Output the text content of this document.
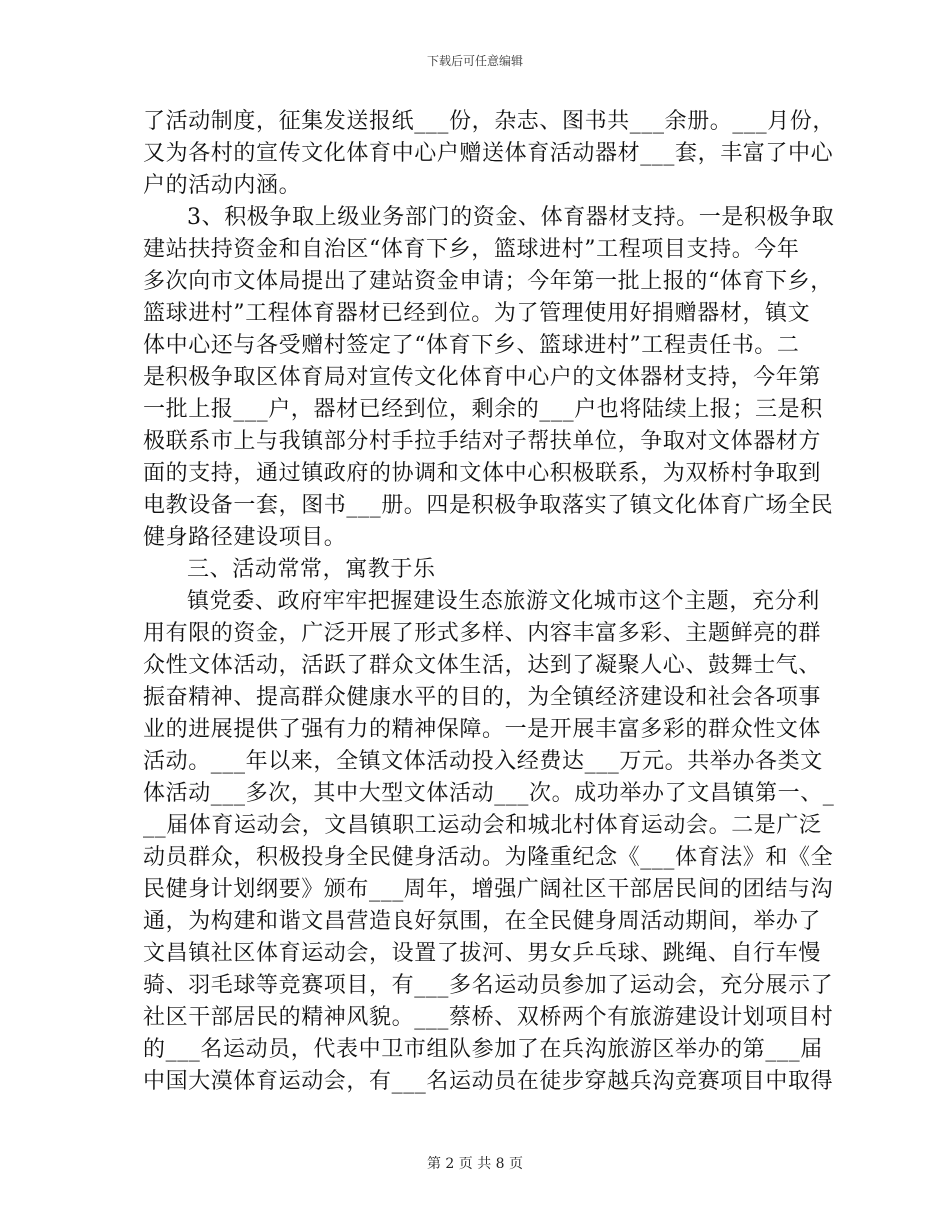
下载后可任意编辑
了活动制度，征集发送报纸___份，杂志、图书共___余册。___月份，
又为各村的宣传文化体育中心户赠送体育活动器材___套，丰富了中心
户的活动内涵。
3、积极争取上级业务部门的资金、体育器材支持。一是积极争取
建站扶持资金和自治区“体育下乡，篮球进村”工程项目支持。今年
多次向市文体局提出了建站资金申请；今年第一批上报的“体育下乡，
篮球进村”工程体育器材已经到位。为了管理使用好捐赠器材，镇文
体中心还与各受赠村签定了“体育下乡、篮球进村”工程责任书。二
是积极争取区体育局对宣传文化体育中心户的文体器材支持，今年第
一批上报___户，器材已经到位，剩余的___户也将陆续上报；三是积
极联系市上与我镇部分村手拉手结对子帮扶单位，争取对文体器材方
面的支持，通过镇政府的协调和文体中心积极联系，为双桥村争取到
电教设备一套，图书___册。四是积极争取落实了镇文化体育广场全民
健身路径建设项目。
三、活动常常，寓教于乐
镇党委、政府牢牢把握建设生态旅游文化城市这个主题，充分利
用有限的资金，广泛开展了形式多样、内容丰富多彩、主题鲜亮的群
众性文体活动，活跃了群众文体生活，达到了凝聚人心、鼓舞士气、
振奋精神、提高群众健康水平的目的，为全镇经济建设和社会各项事
业的进展提供了强有力的精神保障。一是开展丰富多彩的群众性文体
活动。___年以来，全镇文体活动投入经费达___万元。共举办各类文
体活动___多次，其中大型文体活动___次。成功举办了文昌镇第一、_
__届体育运动会，文昌镇职工运动会和城北村体育运动会。二是广泛
动员群众，积极投身全民健身活动。为隆重纪念《___体育法》和《全
民健身计划纲要》颁布___周年，增强广阔社区干部居民间的团结与沟
通，为构建和谐文昌营造良好氛围，在全民健身周活动期间，举办了
文昌镇社区体育运动会，设置了拔河、男女乒乓球、跳绳、自行车慢
骑、羽毛球等竞赛项目，有___多名运动员参加了运动会，充分展示了
社区干部居民的精神风貌。___蔡桥、双桥两个有旅游建设计划项目村
的___名运动员，代表中卫市组队参加了在兵沟旅游区举办的第___届
中国大漠体育运动会，有___名运动员在徒步穿越兵沟竞赛项目中取得
第 2 页 共 8 页
